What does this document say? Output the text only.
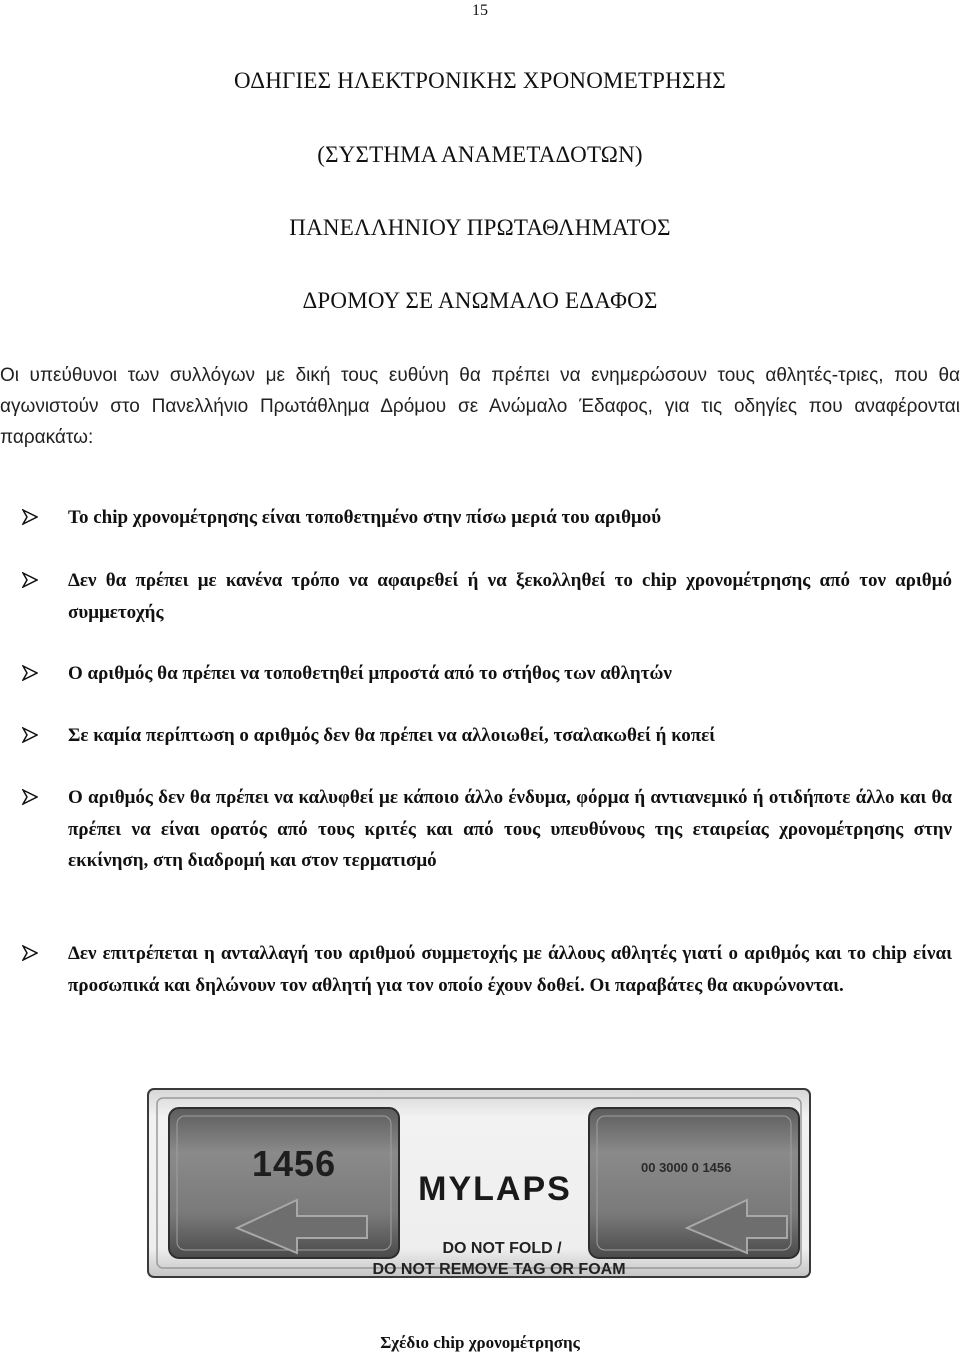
15
ΟΔΗΓΙΕΣ ΗΛΕΚΤΡΟΝΙΚΗΣ ΧΡΟΝΟΜΕΤΡΗΣΗΣ
(ΣΥΣΤΗΜΑ ΑΝΑΜΕΤΑΔΟΤΩΝ)
ΠΑΝΕΛΛΗΝΙΟΥ ΠΡΩΤΑΘΛΗΜΑΤΟΣ
ΔΡΟΜΟΥ ΣΕ ΑΝΩΜΑΛΟ ΕΔΑΦΟΣ

Οι υπεύθυνοι των συλλόγων με δική τους ευθύνη θα πρέπει να ενημερώσουν τους αθλητές-τριες, που θα αγωνιστούν στο Πανελλήνιο Πρωτάθλημα Δρόμου σε Ανώμαλο Έδαφος, για τις οδηγίες που αναφέρονται παρακάτω:

Το chip χρονομέτρησης είναι τοποθετημένο στην πίσω μεριά του αριθμού
Δεν θα πρέπει με κανένα τρόπο να αφαιρεθεί ή να ξεκολληθεί το chip χρονομέτρησης από τον αριθμό συμμετοχής
Ο αριθμός θα πρέπει να τοποθετηθεί μπροστά από το στήθος των αθλητών
Σε καμία περίπτωση ο αριθμός δεν θα πρέπει να αλλοιωθεί, τσαλακωθεί ή κοπεί
Ο αριθμός δεν θα πρέπει να καλυφθεί με κάποιο άλλο ένδυμα, φόρμα ή αντιανεμικό ή οτιδήποτε άλλο και θα πρέπει να είναι ορατός από τους κριτές και από τους υπευθύνους της εταιρείας χρονομέτρησης στην εκκίνηση, στη διαδρομή και στον τερματισμό
Δεν επιτρέπεται η ανταλλαγή του αριθμού συμμετοχής με άλλους αθλητές γιατί ο αριθμός και το chip είναι προσωπικά και δηλώνουν τον αθλητή για τον οποίο έχουν δοθεί. Οι παραβάτες θα ακυρώνονται.
1456	00 3000 0 1456
MYLAPS
DO NOT FOLD /
DO NOT REMOVE TAG OR FOAM
Σχέδιο chip χρονομέτρησης
